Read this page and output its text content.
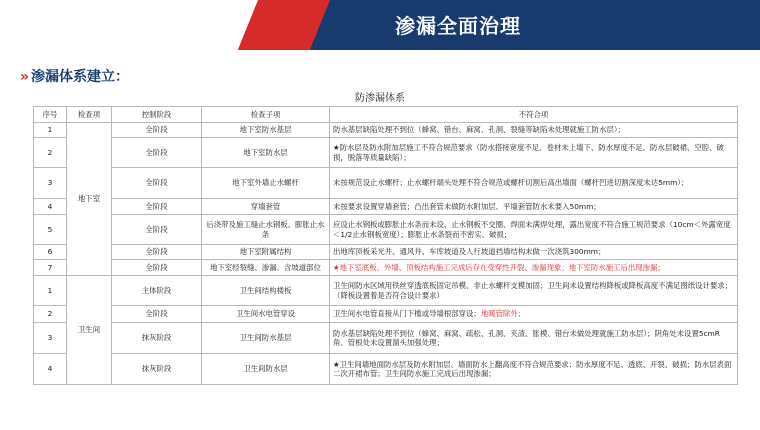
渗漏全面治理
» 渗漏体系建立：
防渗漏体系
序号	检查项	控制阶段	检查子项	不符合项
1	地下室	全阶段	地下室防水基层	防水基层缺陷处理不到位（蜂窝、错台、麻窝、孔洞、裂缝等缺陷未处理就施工防水层）；
2		全阶段	地下室防水层	★防水层及防水附加层施工不符合规范要求（防水搭接宽度不足、卷材未上墙下、防水厚度不足、防水层破裙、空腔、破损，脱落等质量缺陷）；
3		全阶段	地下室外墙止水螺杆	未按规范设止水螺杆；止水螺杆端头处理不符合规范或螺杆切割后高出墙面（螺杆凹进切割深度未达5mm）；
4		全阶段	穿墙套管	未按要求设置穿墙套管；凸出套管未做防水附加层、平墙套管防水未要入50mm；
5		全阶段	后浇带及施工缝止水钢板、膨胀止水条	应设止水钢板或膨胀止水条而未设、止水钢板不交圈、焊面未满焊处理，露出宽度不符合施工规范要求（10cm＜外露宽度＜1/2止水钢板宽度）；膨胀止水条裂而不密实、破损；
6		全阶段	地下室附属结构	出地库顶板采光井、通风井、车库坡道及人行坡道挡墙结构未做一次浇筑300mm；
7		全阶段	地下室经裂缝、渗漏、含坡道部位	★地下室底板、外墙、顶板结构施工完成后存在受穿性开裂、渗漏现象；地下室防水施工后出现渗漏；
1	卫生间	主体阶段	卫生间结构楼板	卫生间防水区域用铁丝穿透底板固定吊模、非止水螺杆支模加固；卫生间未设置结构降板或降板高度不满足图纸设计要求；（降板设置着是否符合设计要求）
2		全阶段	卫生间水电管穿设	卫生间水电管直接从门下槛或导墙根部穿设；地暖管除外；
3		抹灰阶段	卫生间防水基层	防水基层缺陷处理不到位（蜂窝、麻窝、疏松、孔洞、夹渣、胀模、错台未做处理就施工防水层）；阴角处未设置5cmR角、管根处未设置溜头加强处理；
4		抹灰阶段	卫生间防水层	★卫生间墙地面防水层及防水附加层、墙面防水上翻高度不符合规范要求；防水厚度不足、透底、开裂、破损；防水层表面二次开裙布管；卫生间防水施工完成后出现渗漏；
